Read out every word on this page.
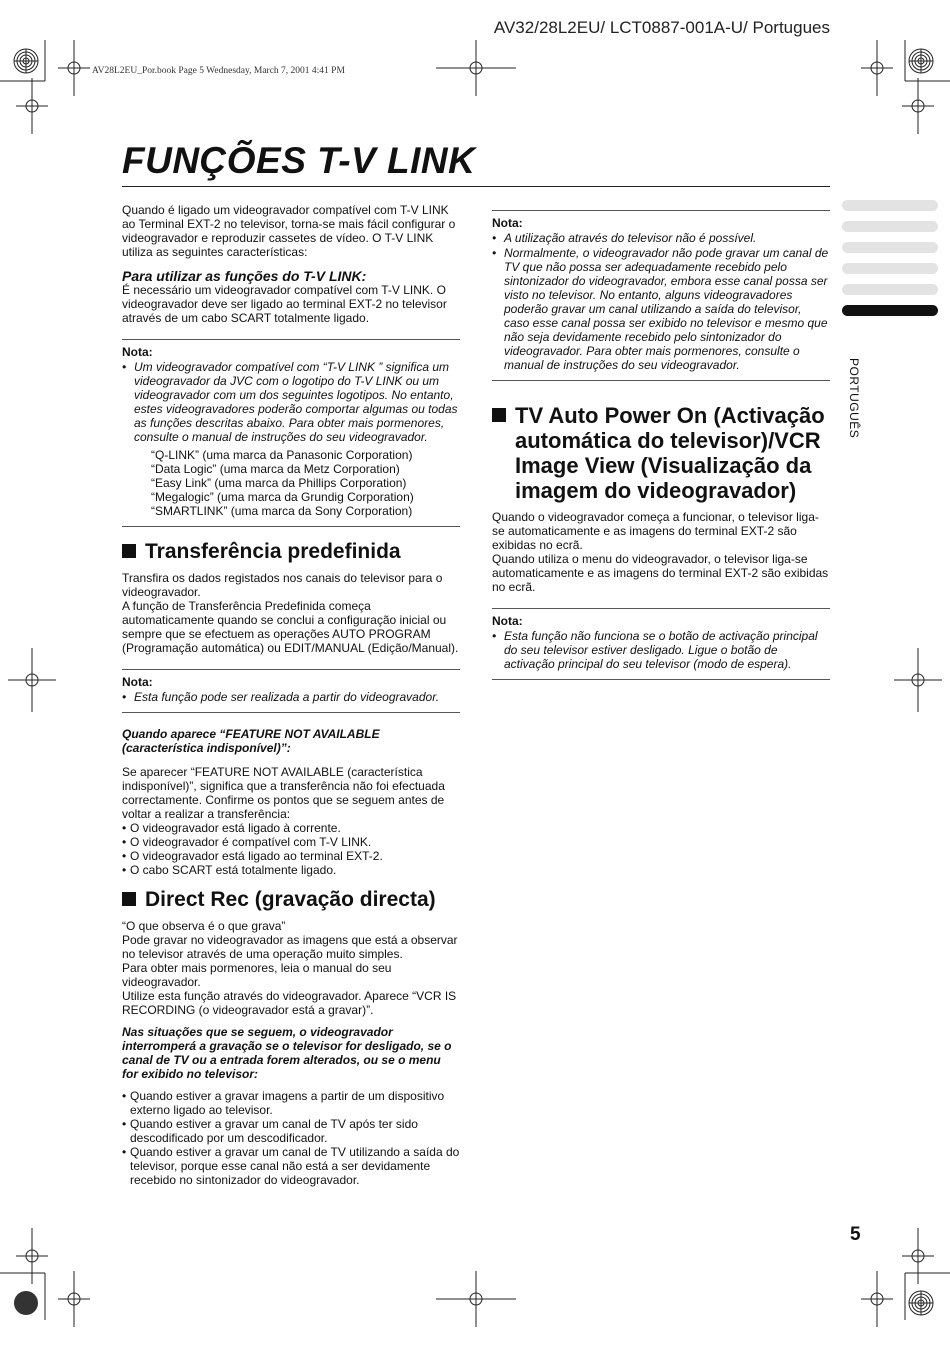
AV32/28L2EU/ LCT0887-001A-U/ Portugues
AV28L2EU_Por.book Page 5 Wednesday, March 7, 2001 4:41 PM
FUNÇÕES T-V LINK

Quando é ligado um videogravador compatível com T-V LINK ao Terminal EXT-2 no televisor, torna-se mais fácil configurar o videogravador e reproduzir cassetes de vídeo. O T-V LINK utiliza as seguintes características:

Para utilizar as funções do T-V LINK:

É necessário um videogravador compatível com T-V LINK. O videogravador deve ser ligado ao terminal EXT-2 no televisor através de um cabo SCART totalmente ligado.

Nota:
• Um videogravador compatível com “T-V LINK ” significa um videogravador da JVC com o logotipo do T-V LINK ou um videogravador com um dos seguintes logotipos. No entanto, estes videogravadores poderão comportar algumas ou todas as funções descritas abaixo. Para obter mais pormenores, consulte o manual de instruções do seu videogravador.
“Q-LINK” (uma marca da Panasonic Corporation)
“Data Logic” (uma marca da Metz Corporation)
“Easy Link” (uma marca da Phillips Corporation)
“Megalogic” (uma marca da Grundig Corporation)
“SMARTLINK” (uma marca da Sony Corporation)
Transferência predefinida

Transfira os dados registados nos canais do televisor para o videogravador.

A função de Transferência Predefinida começa automaticamente quando se conclui a configuração inicial ou sempre que se efectuem as operações AUTO PROGRAM (Programação automática) ou EDIT/MANUAL (Edição/Manual).

Nota:
• Esta função pode ser realizada a partir do videogravador.
Quando aparece “FEATURE NOT AVAILABLE (característica indisponível)”:

Se aparecer “FEATURE NOT AVAILABLE (característica indisponível)”, significa que a transferência não foi efectuada correctamente. Confirme os pontos que se seguem antes de voltar a realizar a transferência:

• O videogravador está ligado à corrente.
• O videogravador é compatível com T-V LINK.
• O videogravador está ligado ao terminal EXT-2.
• O cabo SCART está totalmente ligado.
Direct Rec (gravação directa)

“O que observa é o que grava”

Pode gravar no videogravador as imagens que está a observar no televisor através de uma operação muito simples.

Para obter mais pormenores, leia o manual do seu videogravador.

Utilize esta função através do videogravador. Aparece “VCR IS RECORDING (o videogravador está a gravar)”.

Nas situações que se seguem, o videogravador interromperá a gravação se o televisor for desligado, se o canal de TV ou a entrada forem alterados, ou se o menu for exibido no televisor:
• Quando estiver a gravar imagens a partir de um dispositivo externo ligado ao televisor.
• Quando estiver a gravar um canal de TV após ter sido descodificado por um descodificador.
• Quando estiver a gravar um canal de TV utilizando a saída do televisor, porque esse canal não está a ser devidamente recebido no sintonizador do videogravador.
Nota:
• A utilização através do televisor não é possível.
• Normalmente, o videogravador não pode gravar um canal de TV que não possa ser adequadamente recebido pelo sintonizador do videogravador, embora esse canal possa ser visto no televisor. No entanto, alguns videogravadores poderão gravar um canal utilizando a saída do televisor, caso esse canal possa ser exibido no televisor e mesmo que não seja devidamente recebido pelo sintonizador do videogravador. Para obter mais pormenores, consulte o manual de instruções do seu videogravador.
TV Auto Power On (Activação automática do televisor)/VCR Image View (Visualização da imagem do videogravador)

Quando o videogravador começa a funcionar, o televisor liga-se automaticamente e as imagens do terminal EXT-2 são exibidas no ecrã.

Quando utiliza o menu do videogravador, o televisor liga-se automaticamente e as imagens do terminal EXT-2 são exibidas no ecrã.

Nota:
• Esta função não funciona se o botão de activação principal do seu televisor estiver desligado. Ligue o botão de activação principal do seu televisor (modo de espera).
PORTUGUÊS
5
